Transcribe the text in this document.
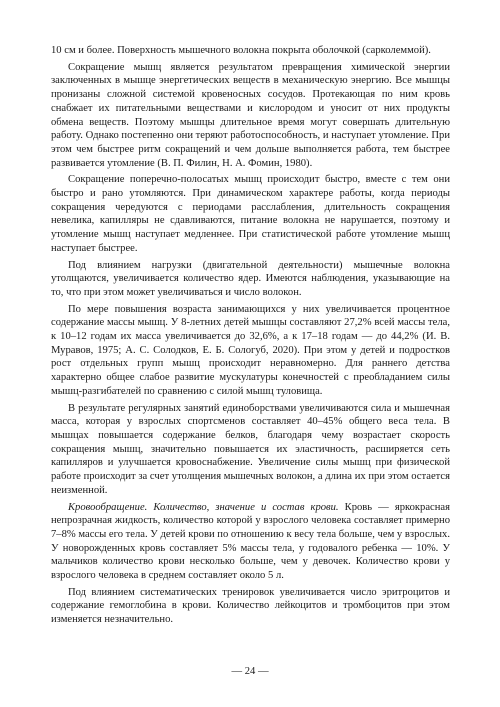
10 см и более. Поверхность мышечного волокна покрыта оболочкой (сарколеммой).

Сокращение мышц является результатом превращения химической энергии заключенных в мышце энергетических веществ в механическую энергию. Все мышцы пронизаны сложной системой кровеносных сосудов. Протекающая по ним кровь снабжает их питательными веществами и кислородом и уносит от них продукты обмена веществ. Поэтому мышцы длительное время могут совершать длительную работу. Однако постепенно они теряют работоспособность, и наступает утомление. При этом чем быстрее ритм сокращений и чем дольше выполняется работа, тем быстрее развивается утомление (В. П. Филин, Н. А. Фомин, 1980).

Сокращение поперечно-полосатых мышц происходит быстро, вместе с тем они быстро и рано утомляются. При динамическом характере работы, когда периоды сокращения чередуются с периодами расслабления, длительность сокращения невелика, капилляры не сдавливаются, питание волокна не нарушается, поэтому и утомление мышц наступает медленнее. При статистической работе утомление мышц наступает быстрее.

Под влиянием нагрузки (двигательной деятельности) мышечные волокна утолщаются, увеличивается количество ядер. Имеются наблюдения, указывающие на то, что при этом может увеличиваться и число волокон.

По мере повышения возраста занимающихся у них увеличивается процентное содержание массы мышц. У 8-летних детей мышцы составляют 27,2% всей массы тела, к 10–12 годам их масса увеличивается до 32,6%, а к 17–18 годам — до 44,2% (И. В. Муравов, 1975; А. С. Солодков, Е. Б. Сологуб, 2020). При этом у детей и подростков рост отдельных групп мышц происходит неравномерно. Для раннего детства характерно общее слабое развитие мускулатуры конечностей с преобладанием силы мышц-разгибателей по сравнению с силой мышц туловища.

В результате регулярных занятий единоборствами увеличиваются сила и мышечная масса, которая у взрослых спортсменов составляет 40–45% общего веса тела. В мышцах повышается содержание белков, благодаря чему возрастает скорость сокращения мышц, значительно повышается их эластичность, расширяется сеть капилляров и улучшается кровоснабжение. Увеличение силы мышц при физической работе происходит за счет утолщения мышечных волокон, а длина их при этом остается неизменной.

Кровообращение. Количество, значение и состав крови. Кровь — яркокрасная непрозрачная жидкость, количество которой у взрослого человека составляет примерно 7–8% массы его тела. У детей крови по отношению к весу тела больше, чем у взрослых. У новорожденных кровь составляет 5% массы тела, у годовалого ребенка — 10%. У мальчиков количество крови несколько больше, чем у девочек. Количество крови у взрослого человека в среднем составляет около 5 л.

Под влиянием систематических тренировок увеличивается число эритроцитов и содержание гемоглобина в крови. Количество лейкоцитов и тромбоцитов при этом изменяется незначительно.

— 24 —
